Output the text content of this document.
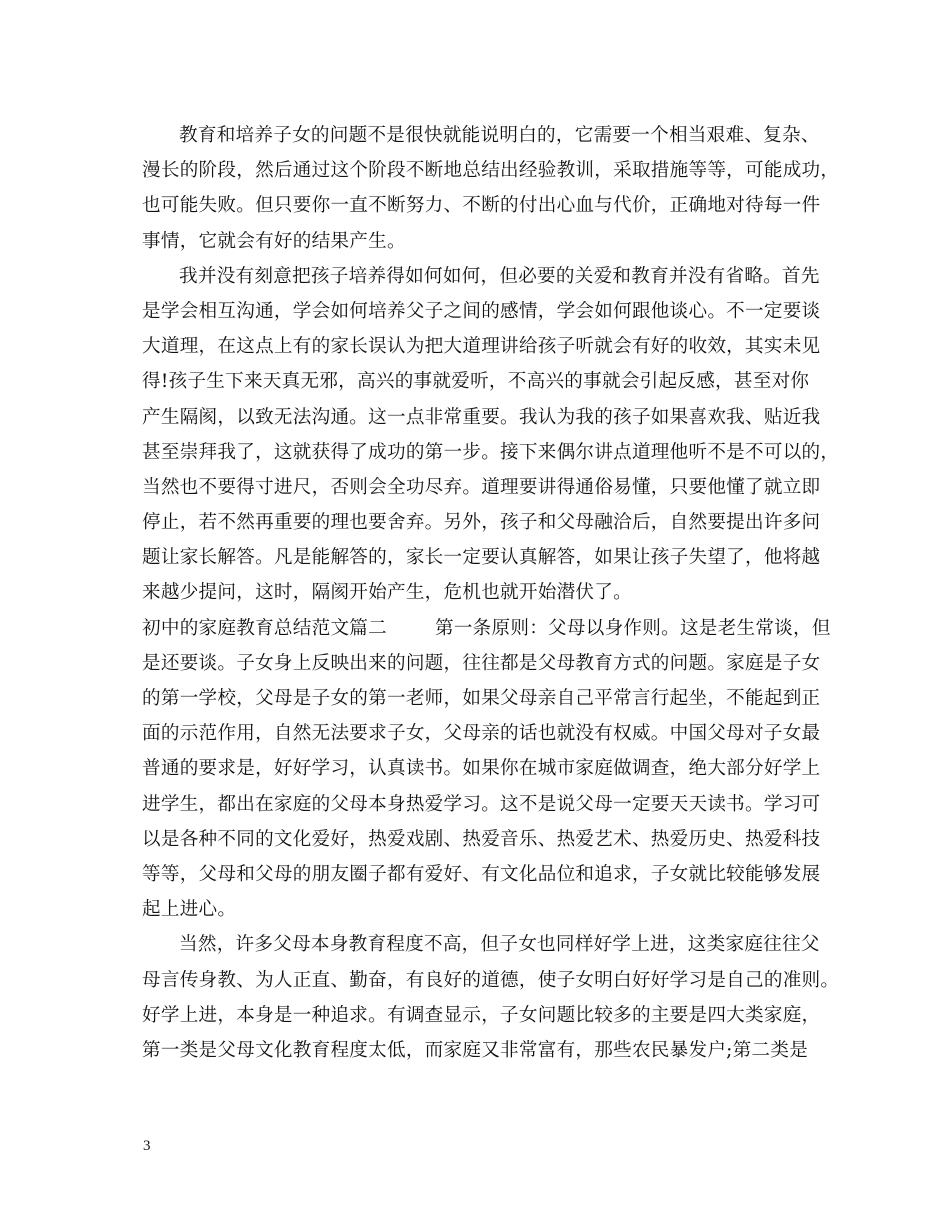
教育和培养子女的问题不是很快就能说明白的，它需要一个相当艰难、复杂、
漫长的阶段，然后通过这个阶段不断地总结出经验教训，采取措施等等，可能成功，
也可能失败。但只要你一直不断努力、不断的付出心血与代价，正确地对待每一件
事情，它就会有好的结果产生。
我并没有刻意把孩子培养得如何如何，但必要的关爱和教育并没有省略。首先
是学会相互沟通，学会如何培养父子之间的感情，学会如何跟他谈心。不一定要谈
大道理，在这点上有的家长误认为把大道理讲给孩子听就会有好的收效，其实未见
得!孩子生下来天真无邪，高兴的事就爱听，不高兴的事就会引起反感，甚至对你
产生隔阂，以致无法沟通。这一点非常重要。我认为我的孩子如果喜欢我、贴近我
甚至崇拜我了，这就获得了成功的第一步。接下来偶尔讲点道理他听不是不可以的，
当然也不要得寸进尺，否则会全功尽弃。道理要讲得通俗易懂，只要他懂了就立即
停止，若不然再重要的理也要舍弃。另外，孩子和父母融洽后，自然要提出许多问
题让家长解答。凡是能解答的，家长一定要认真解答，如果让孩子失望了，他将越
来越少提问，这时，隔阂开始产生，危机也就开始潜伏了。
初中的家庭教育总结范文篇二	第一条原则：父母以身作则。这是老生常谈，但
是还要谈。子女身上反映出来的问题，往往都是父母教育方式的问题。家庭是子女
的第一学校，父母是子女的第一老师，如果父母亲自己平常言行起坐，不能起到正
面的示范作用，自然无法要求子女，父母亲的话也就没有权威。中国父母对子女最
普通的要求是，好好学习，认真读书。如果你在城市家庭做调查，绝大部分好学上
进学生，都出在家庭的父母本身热爱学习。这不是说父母一定要天天读书。学习可
以是各种不同的文化爱好，热爱戏剧、热爱音乐、热爱艺术、热爱历史、热爱科技
等等，父母和父母的朋友圈子都有爱好、有文化品位和追求，子女就比较能够发展
起上进心。
当然，许多父母本身教育程度不高，但子女也同样好学上进，这类家庭往往父
母言传身教、为人正直、勤奋，有良好的道德，使子女明白好好学习是自己的准则。
好学上进，本身是一种追求。有调查显示，子女问题比较多的主要是四大类家庭，
第一类是父母文化教育程度太低，而家庭又非常富有，那些农民暴发户;第二类是
3
